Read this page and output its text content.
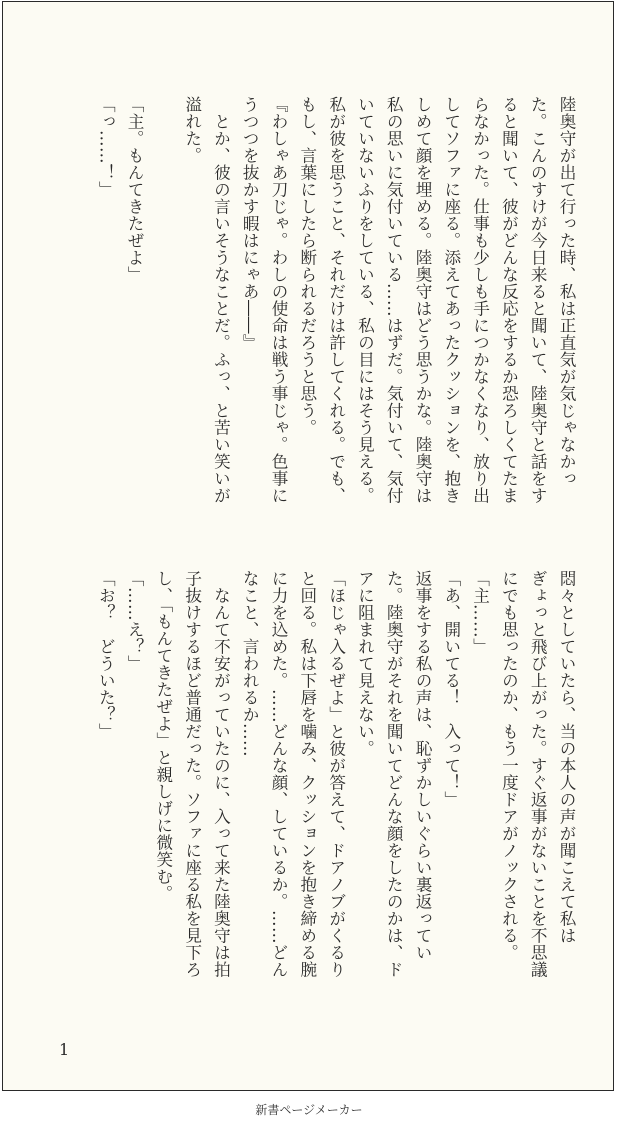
陸奥守が出て行った時、私は正直気が気じゃなかっ
た。こんのすけが今日来ると聞いて、陸奥守と話をす
ると聞いて、彼がどんな反応をするか恐ろしくてたま
らなかった。仕事も少しも手につかなくなり、放り出
してソファに座る。添えてあったクッションを、抱き
しめて顔を埋める。陸奥守はどう思うかな。陸奥守は
私の思いに気付いている……はずだ。気付いて、気付
いていないふりをしている、私の目にはそう見える。
私が彼を思うこと、それだけは許してくれる。でも、
もし、言葉にしたら断られるだろうと思う。
『わしゃあ刀じゃ。わしの使命は戦う事じゃ。色事に
うつつを抜かす暇はにゃあ――』
　とか、彼の言いそうなことだ。ふっ、と苦い笑いが
溢れた。

「主。もんてきたぜよ」
「っ……！」
悶々としていたら、当の本人の声が聞こえて私は
ぎょっと飛び上がった。すぐ返事がないことを不思議
にでも思ったのか、もう一度ドアがノックされる。
「主……」
「あ、開いてる！　入って！」
返事をする私の声は、恥ずかしいぐらい裏返ってい
た。陸奥守がそれを聞いてどんな顔をしたのかは、ド
アに阻まれて見えない。
「ほじゃ入るぜよ」と彼が答えて、ドアノブがくるり
と回る。私は下唇を噛み、クッションを抱き締める腕
に力を込めた。……どんな顔、しているか。……どん
なこと、言われるか……
　なんて不安がっていたのに、入って来た陸奥守は拍
子抜けするほど普通だった。ソファに座る私を見下ろ
し、「もんてきたぜよ」と親しげに微笑む。
「……え？」
「お？　どういた？」
1
新書ページメーカー
